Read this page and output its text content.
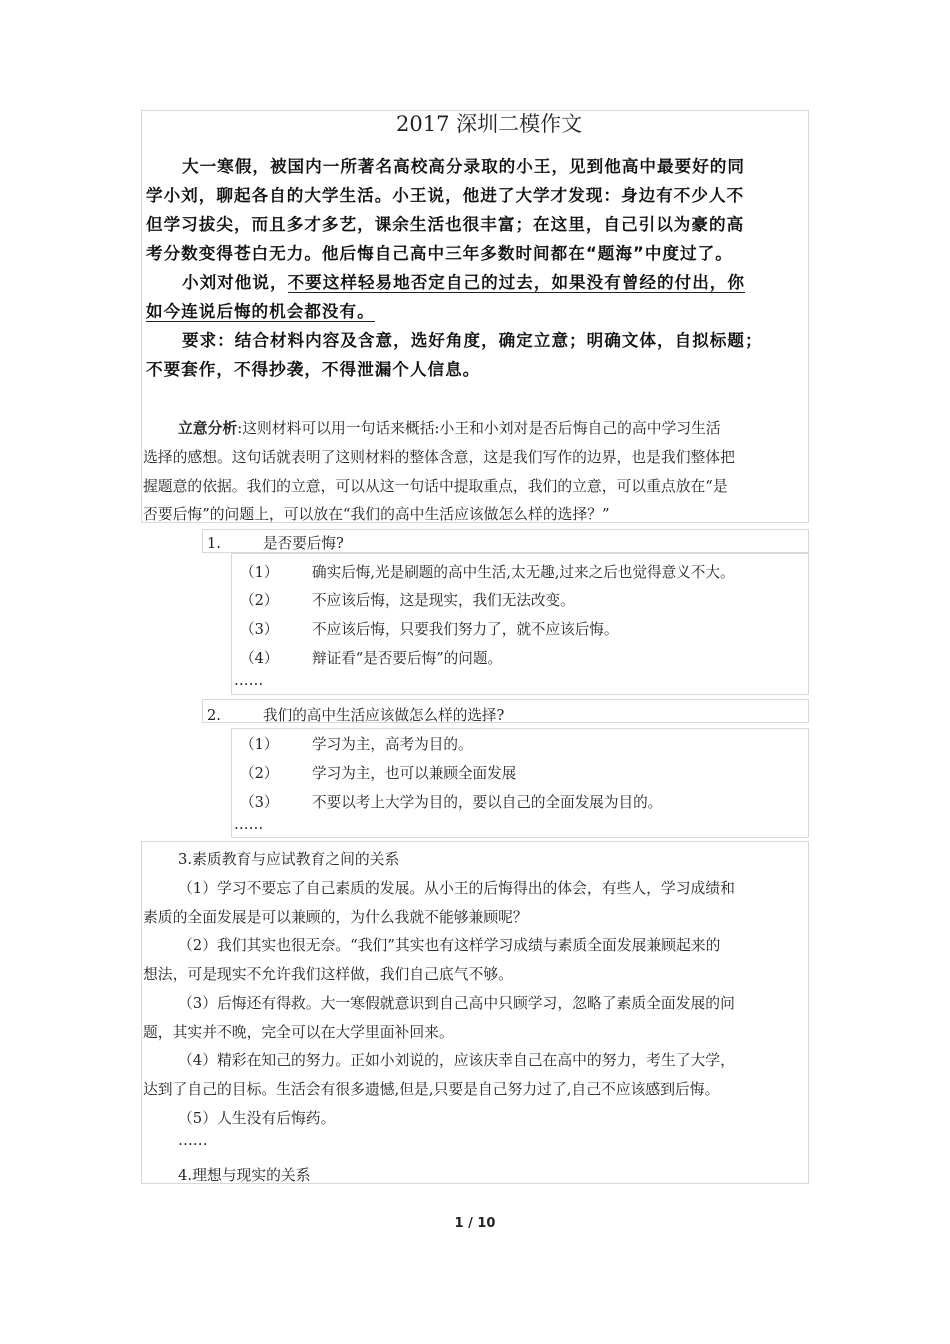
2017 深圳二模作文
大一寒假，被国内一所著名高校高分录取的小王，见到他高中最要好的同
学小刘，聊起各自的大学生活。小王说，他进了大学才发现：身边有不少人不
但学习拔尖，而且多才多艺，课余生活也很丰富；在这里，自己引以为豪的高
考分数变得苍白无力。他后悔自己高中三年多数时间都在“题海”中度过了。
小刘对他说，不要这样轻易地否定自己的过去，如果没有曾经的付出，你
如今连说后悔的机会都没有。
要求：结合材料内容及含意，选好角度，确定立意；明确文体，自拟标题；
不要套作，不得抄袭，不得泄漏个人信息。
立意分析:这则材料可以用一句话来概括:小王和小刘对是否后悔自己的高中学习生活
选择的感想。这句话就表明了这则材料的整体含意，这是我们写作的边界，也是我们整体把
握题意的依据。我们的立意，可以从这一句话中提取重点，我们的立意，可以重点放在“是
否要后悔”的问题上，可以放在“我们的高中生活应该做怎么样的选择？”
1.	是否要后悔?
（1） 确实后悔,光是刷题的高中生活,太无趣,过来之后也觉得意义不大。
（2） 不应该后悔，这是现实，我们无法改变。
（3） 不应该后悔，只要我们努力了，就不应该后悔。
（4） 辩证看“是否要后悔”的问题。
……
2.	我们的高中生活应该做怎么样的选择?
（1） 学习为主，高考为目的。
（2） 学习为主，也可以兼顾全面发展
（3） 不要以考上大学为目的，要以自己的全面发展为目的。
……
3.素质教育与应试教育之间的关系
（1）学习不要忘了自己素质的发展。从小王的后悔得出的体会，有些人，学习成绩和
素质的全面发展是可以兼顾的，为什么我就不能够兼顾呢？
（2）我们其实也很无奈。“我们”其实也有这样学习成绩与素质全面发展兼顾起来的
想法，可是现实不允许我们这样做，我们自己底气不够。
（3）后悔还有得救。大一寒假就意识到自己高中只顾学习，忽略了素质全面发展的问
题，其实并不晚，完全可以在大学里面补回来。
（4）精彩在知己的努力。正如小刘说的，应该庆幸自己在高中的努力，考生了大学，
达到了自己的目标。生活会有很多遗憾,但是,只要是自己努力过了,自己不应该感到后悔。
（5）人生没有后悔药。
……
4.理想与现实的关系
1 / 10
